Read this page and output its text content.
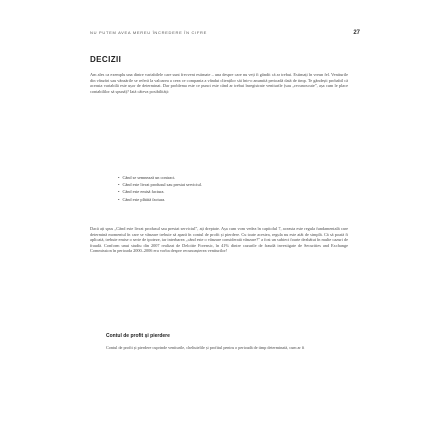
NU PUTEM AVEA MEREU ÎNCREDERE ÎN CIFRE	27
DECIZII
Am ales ca exemplu una dintre variabilele care sunt frecvent estimate – una despre care nu veți fi gândit că ar trebui. Estimați în vreun fel. Veniturile din vânzări sau vânzările se referă la valoarea a ceea ce compania a vândut clienților săi într-o anumită perioadă dată de timp. Te gândești probabil că aceasta variabilă este ușor de determinat. Dar problema este ce punct este când ar trebui înregistrate veniturile (sau „recunoscute”, așa cum le place contabililor să spună)? Iată câteva posibilități:
• Când se semnează un contract.
• Când este livrat produsul sau prestat serviciul.
• Când este emisă factura.
• Când este plătită factura.
Dacă ați spus „Când este livrat produsul sau prestat serviciul”, ați dreptate. Așa cum vom vedea în capitolul 7, aceasta este regula fundamentală care determină momentul în care se vânzare trebuie să apară în contul de profit și pierdere. Cu toate acestea, regula nu este atât de simplă. Că să poată fi aplicată, trebuie emise o serie de ipoteze, iar interbarea „când este o vânzare considerată vânzare?” a fost un subiect foarte dezbătut în multe cazuri de fraudă. Conform unui studiu din 2007 realizat de Deloitte Forensic, în 41% dintre cazurile de fraudă investigate de Securities and Exchange Commission în perioada 2000–2006 era vorba despre recunoașterea veniturilor!
Contul de profit și pierdere
Contul de profit și pierdere cuprinde veniturile, cheltuielile și profitul pentru o perioadă de timp determinată, cum ar fi
